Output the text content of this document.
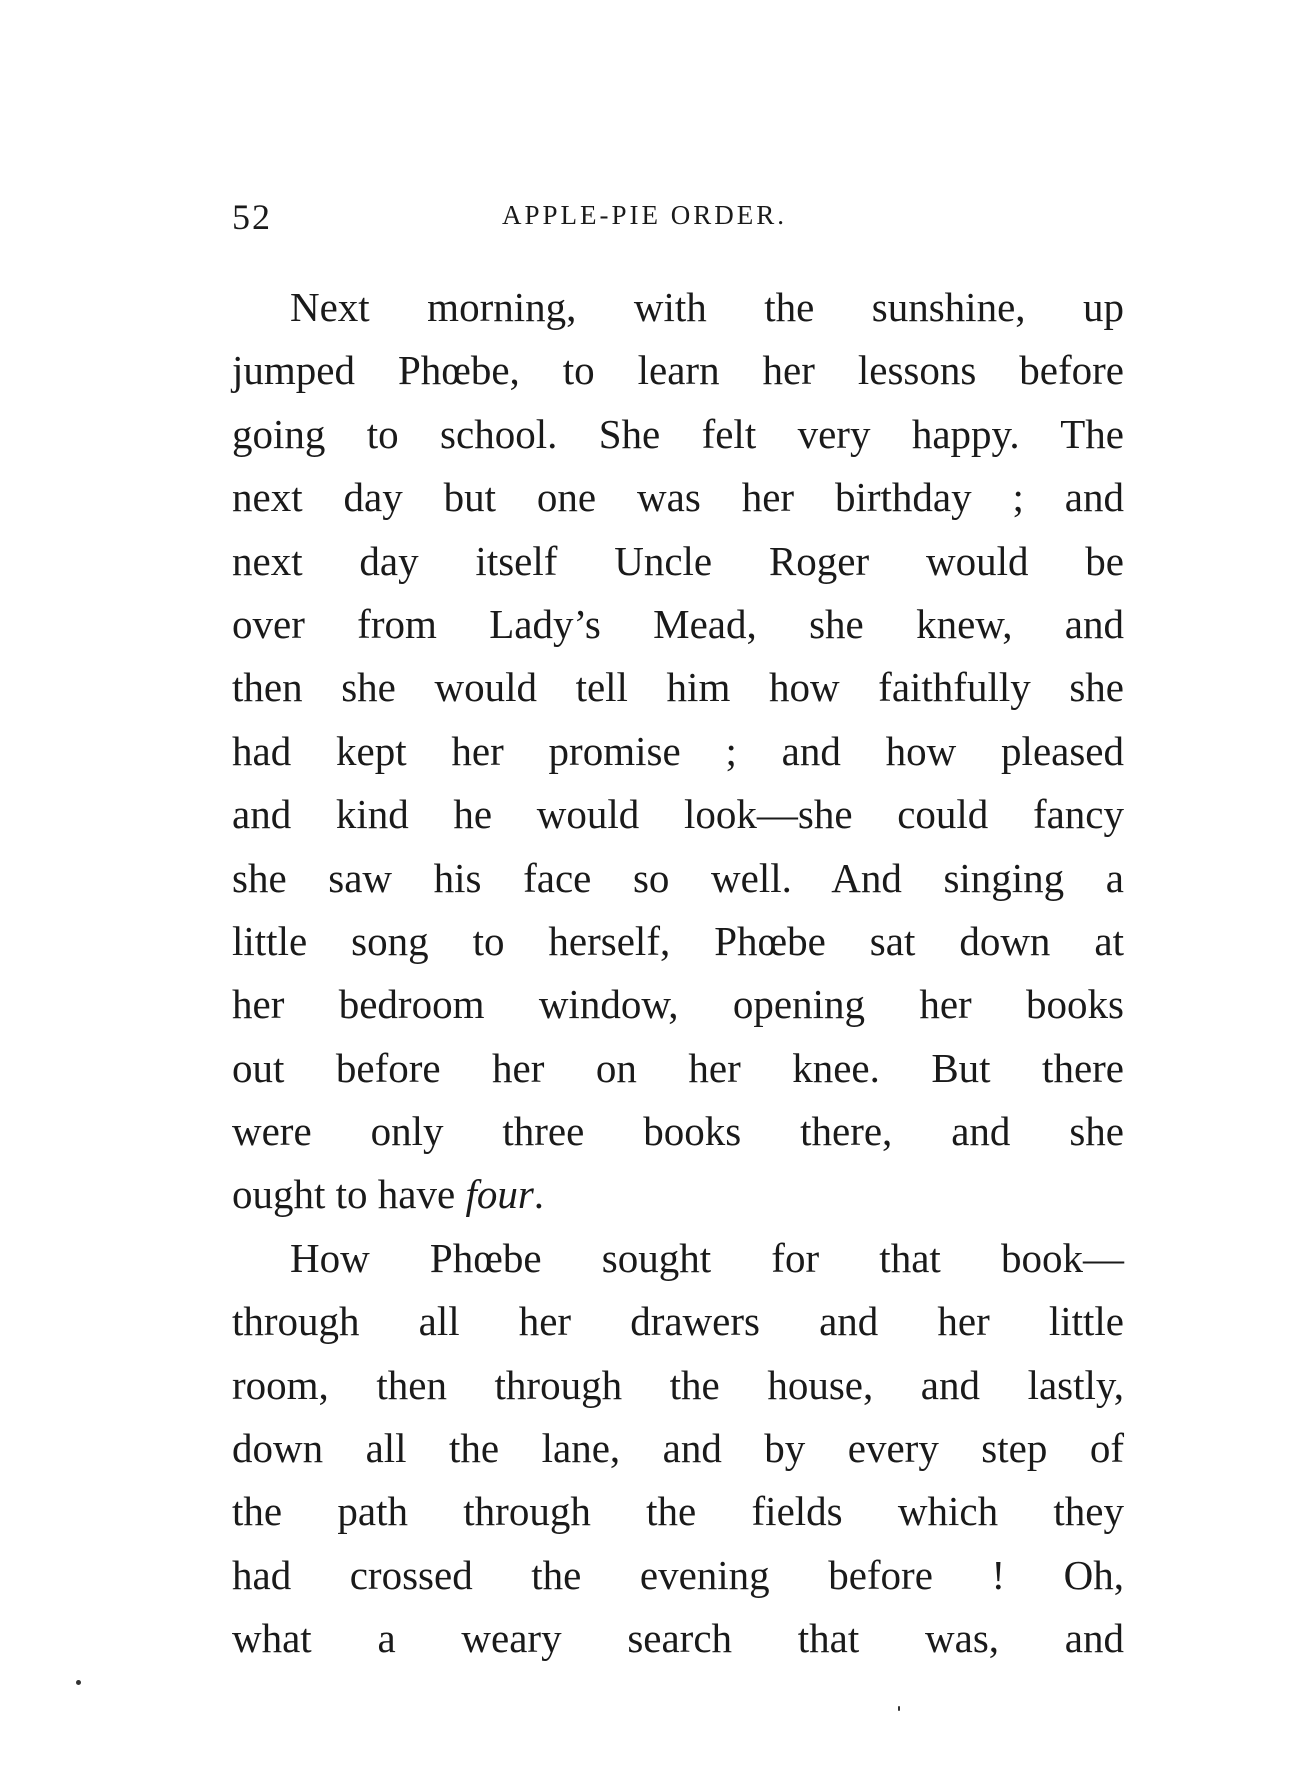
52	APPLE-PIE ORDER.
Next morning, with the sunshine, up
jumped Phœbe, to learn her lessons before
going to school. She felt very happy. The
next day but one was her birthday ; and
next day itself Uncle Roger would be
over from Lady’s Mead, she knew, and
then she would tell him how faithfully she
had kept her promise ; and how pleased
and kind he would look—she could fancy
she saw his face so well. And singing a
little song to herself, Phœbe sat down at
her bedroom window, opening her books
out before her on her knee. But there
were only three books there, and she
ought to have four.
How Phœbe sought for that book—
through all her drawers and her little
room, then through the house, and lastly,
down all the lane, and by every step of
the path through the fields which they
had crossed the evening before ! Oh,
what a weary search that was, and
